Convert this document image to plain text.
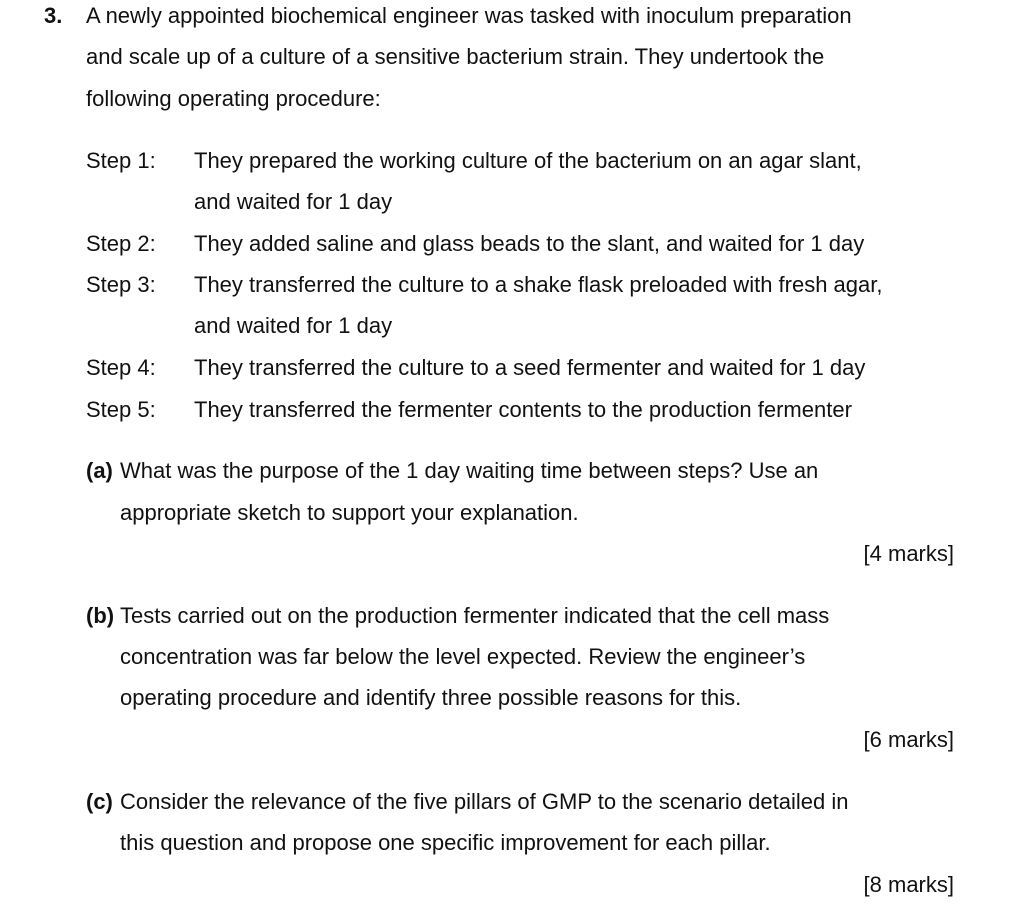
3. A newly appointed biochemical engineer was tasked with inoculum preparation
and scale up of a culture of a sensitive bacterium strain. They undertook the
following operating procedure:
Step 1: They prepared the working culture of the bacterium on an agar slant,
and waited for 1 day
Step 2: They added saline and glass beads to the slant, and waited for 1 day
Step 3: They transferred the culture to a shake flask preloaded with fresh agar,
and waited for 1 day
Step 4: They transferred the culture to a seed fermenter and waited for 1 day
Step 5: They transferred the fermenter contents to the production fermenter
(a) What was the purpose of the 1 day waiting time between steps? Use an
appropriate sketch to support your explanation.
[4 marks]
(b) Tests carried out on the production fermenter indicated that the cell mass
concentration was far below the level expected. Review the engineer’s
operating procedure and identify three possible reasons for this.
[6 marks]
(c) Consider the relevance of the five pillars of GMP to the scenario detailed in
this question and propose one specific improvement for each pillar.
[8 marks]
